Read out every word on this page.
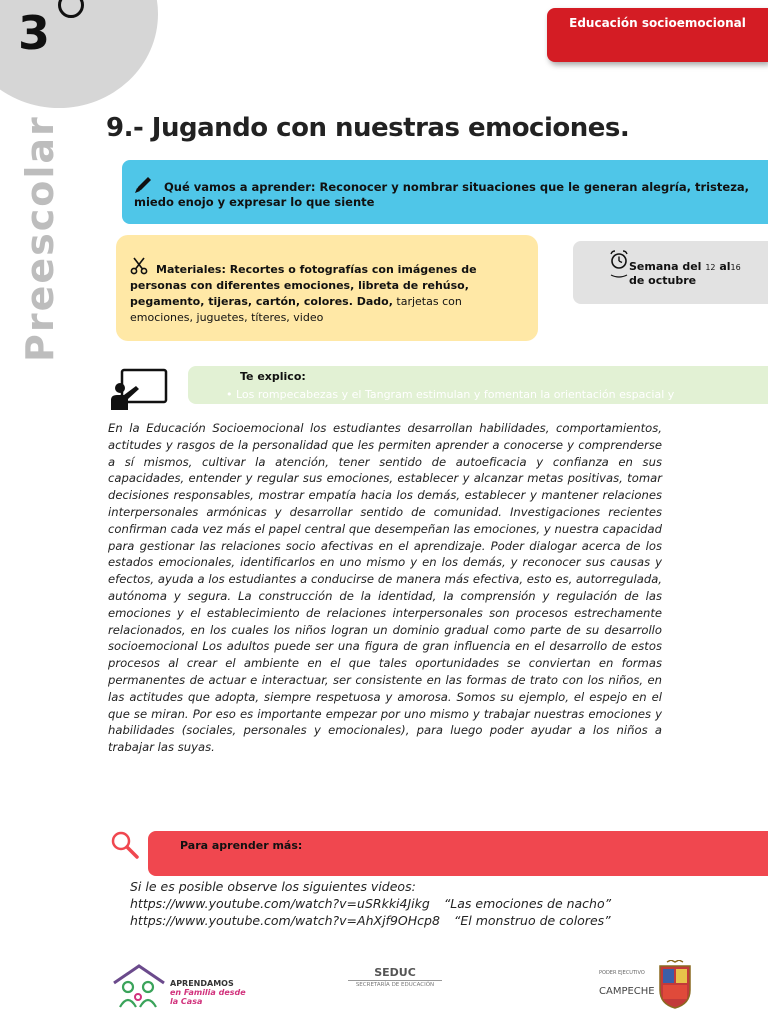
3	Educación socioemocional
Preescolar 9.- Jugando con nuestras emociones.
Qué vamos a aprender: Reconocer y nombrar situaciones que le generan alegría, tristeza, miedo enojo y expresar lo que siente
Materiales: Recortes o fotografías con imágenes de personas con diferentes emociones, libreta de rehúso, pegamento, tijeras, cartón, colores. Dado, tarjetas con emociones, juguetes, títeres, video
Semana del 12 al16
de octubre
Te explico:
• Los rompecabezas y el Tangram estimulan y fomentan la orientación espacial y

En la Educación Socioemocional los estudiantes desarrollan habilidades, comportamientos, actitudes y rasgos de la personalidad que les permiten aprender a conocerse y comprenderse a sí mismos, cultivar la atención, tener sentido de autoeficacia y confianza en sus capacidades, entender y regular sus emociones, establecer y alcanzar metas positivas, tomar decisiones responsables, mostrar empatía hacia los demás, establecer y mantener relaciones interpersonales armónicas y desarrollar sentido de comunidad. Investigaciones recientes confirman cada vez más el papel central que desempeñan las emociones, y nuestra capacidad para gestionar las relaciones socio afectivas en el aprendizaje. Poder dialogar acerca de los estados emocionales, identificarlos en uno mismo y en los demás, y reconocer sus causas y efectos, ayuda a los estudiantes a conducirse de manera más efectiva, esto es, autorregulada, autónoma y segura. La construcción de la identidad, la comprensión y regulación de las emociones y el establecimiento de relaciones interpersonales son procesos estrechamente relacionados, en los cuales los niños logran un dominio gradual como parte de su desarrollo socioemocional Los adultos puede ser una figura de gran influencia en el desarrollo de estos procesos al crear el ambiente en el que tales oportunidades se conviertan en formas permanentes de actuar e interactuar, ser consistente en las formas de trato con los niños, en las actitudes que adopta, siempre respetuosa y amorosa. Somos su ejemplo, el espejo en el que se miran. Por eso es importante empezar por uno mismo y trabajar nuestras emociones y habilidades (sociales, personales y emocionales), para luego poder ayudar a los niños a trabajar las suyas.

Para aprender más:
Si le es posible observe los siguientes videos:
https://www.youtube.com/watch?v=uSRkki4Jikg “Las emociones de nacho”
https://www.youtube.com/watch?v=AhXjf9OHcp8 “El monstruo de colores”
APRENDAMOS
en Familia desde
la Casa
SEDUC
SECRETARÍA DE EDUCACIÓN
PODER EJECUTIVO
CAMPECHE
